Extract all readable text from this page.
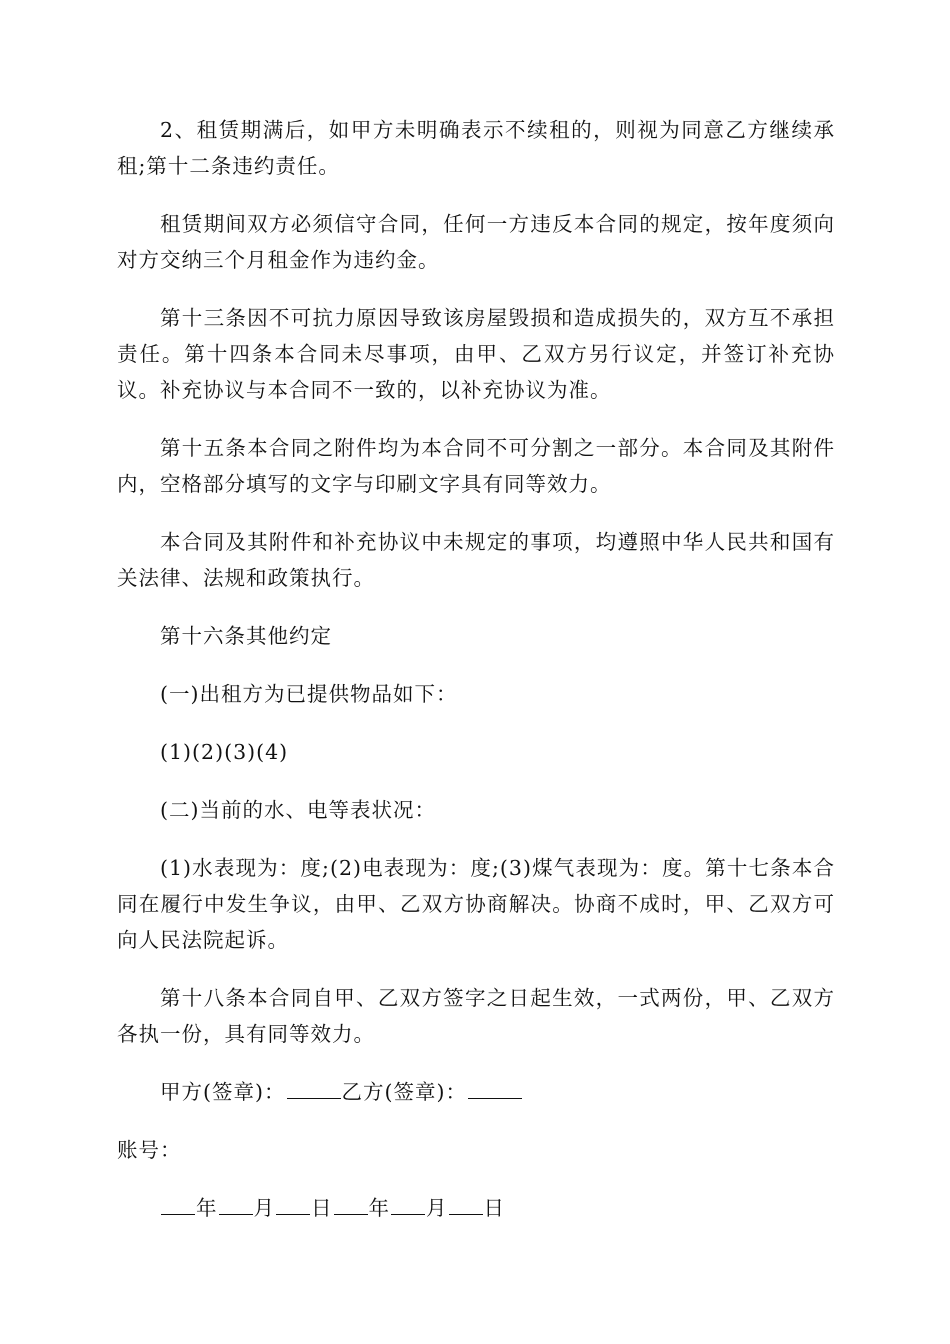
2、租赁期满后，如甲方未明确表示不续租的，则视为同意乙方继续承租;第十二条违约责任。

租赁期间双方必须信守合同，任何一方违反本合同的规定，按年度须向对方交纳三个月租金作为违约金。

第十三条因不可抗力原因导致该房屋毁损和造成损失的，双方互不承担责任。第十四条本合同未尽事项，由甲、乙双方另行议定，并签订补充协议。补充协议与本合同不一致的，以补充协议为准。

第十五条本合同之附件均为本合同不可分割之一部分。本合同及其附件内，空格部分填写的文字与印刷文字具有同等效力。

本合同及其附件和补充协议中未规定的事项，均遵照中华人民共和国有关法律、法规和政策执行。

第十六条其他约定

(一)出租方为已提供物品如下：

(1)(2)(3)(4)

(二)当前的水、电等表状况：

(1)水表现为：度;(2)电表现为：度;(3)煤气表现为：度。第十七条本合同在履行中发生争议，由甲、乙双方协商解决。协商不成时，甲、乙双方可向人民法院起诉。

第十八条本合同自甲、乙双方签字之日起生效，一式两份，甲、乙双方各执一份，具有同等效力。

甲方(签章)：	乙方(签章)：

账号：

年 月 日 年 月 日
